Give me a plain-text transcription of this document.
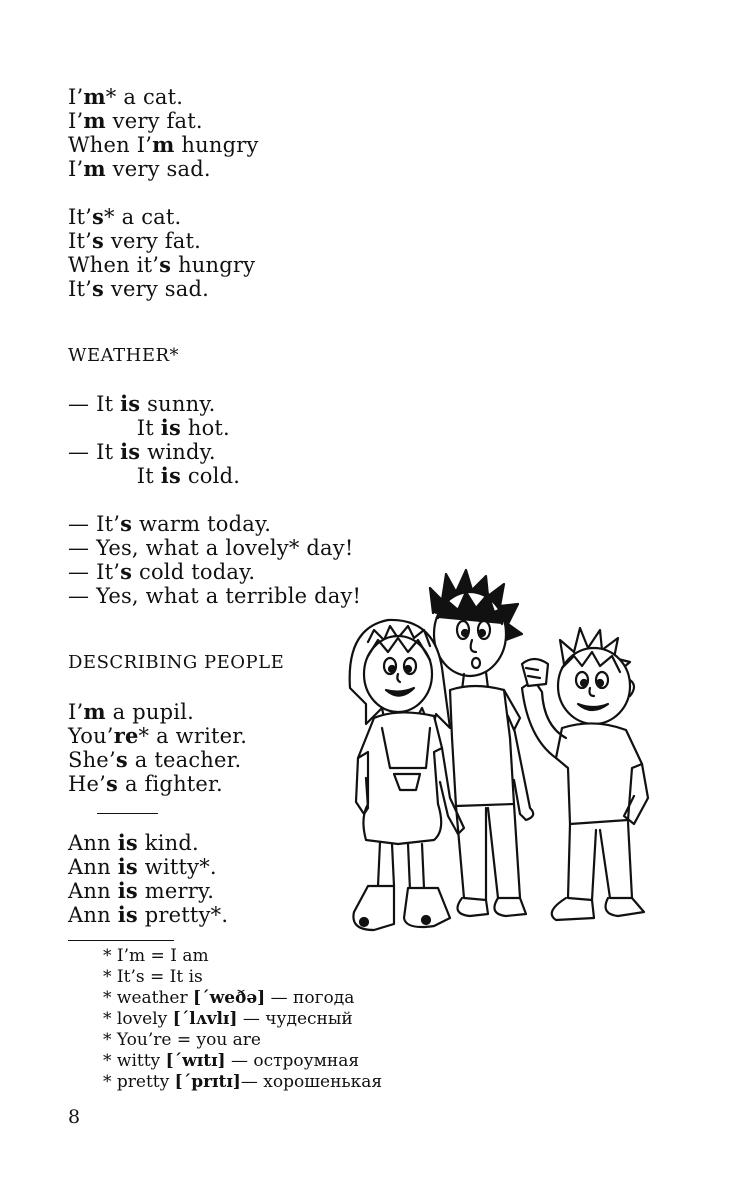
I’m* a cat.
I’m very fat.
When I’m hungry
I’m very sad.
It’s* a cat.
It’s very fat.
When it’s hungry
It’s very sad.
WEATHER*
— It is sunny.
It is hot.
— It is windy.
It is cold.
— It’s warm today.
— Yes, what a lovely* day!
— It’s cold today.
— Yes, what a terrible day!
DESCRIBING PEOPLE
I’m a pupil.
You’re* a writer.
She’s a teacher.
He’s a fighter.
Ann is kind.
Ann is witty*.
Ann is merry.
Ann is pretty*.
* I’m = I am
* It’s = It is
* weather [ˊweðə] — погода
* lovely [ˊlʌvlɪ] — чудесный
* You’re = you are
* witty [ˊwɪtɪ] — остроумная
* pretty [ˊprɪtɪ]— хорошенькая
8
